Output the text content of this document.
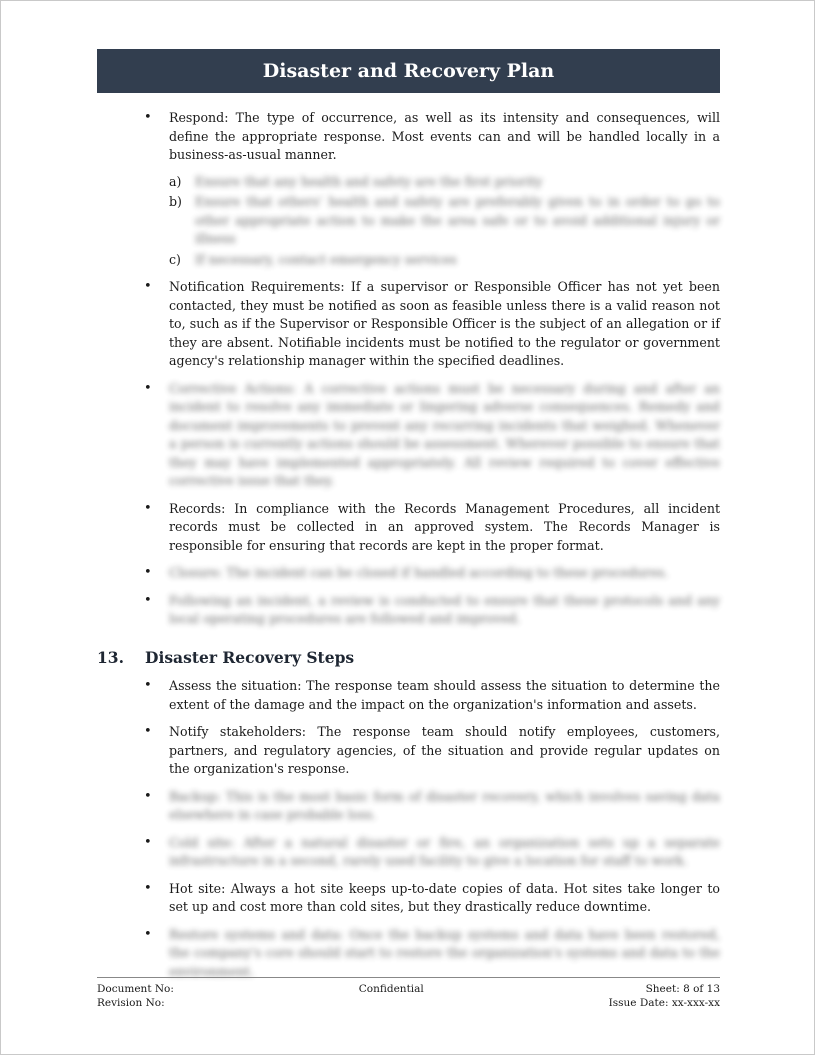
Disaster and Recovery Plan
• Respond: The type of occurrence, as well as its intensity and consequences, will define the appropriate response. Most events can and will be handled locally in a business-as-usual manner.
a) Ensure that any health and safety are the first priority
b) Ensure that others' health and safety are preferably given to in order to go to other appropriate action to make the area safe or to avoid additional injury or illness
c) If necessary, contact emergency services
• Notification Requirements: If a supervisor or Responsible Officer has not yet been contacted, they must be notified as soon as feasible unless there is a valid reason not to, such as if the Supervisor or Responsible Officer is the subject of an allegation or if they are absent. Notifiable incidents must be notified to the regulator or government agency's relationship manager within the specified deadlines.
• Corrective Actions: A corrective actions must be necessary during and after an incident to resolve any immediate or lingering adverse consequences. Remedy and document improvements to prevent any recurring incidents that weighed. Whenever a person is currently actions should be assessment. Wherever possible to ensure that they may have implemented appropriately. All review required to cover effective corrective issue that they.
• Records: In compliance with the Records Management Procedures, all incident records must be collected in an approved system. The Records Manager is responsible for ensuring that records are kept in the proper format.
• Closure: The incident can be closed if handled according to these procedures.
• Following an incident, a review is conducted to ensure that these protocols and any local operating procedures are followed and improved.
13.	Disaster Recovery Steps
• Assess the situation: The response team should assess the situation to determine the extent of the damage and the impact on the organization's information and assets.
• Notify stakeholders: The response team should notify employees, customers, partners, and regulatory agencies, of the situation and provide regular updates on the organization's response.
• Backup: This is the most basic form of disaster recovery, which involves saving data elsewhere in case probable loss.
• Cold site: After a natural disaster or fire, an organization sets up a separate infrastructure in a second, rarely used facility to give a location for staff to work.
• Hot site: Always a hot site keeps up-to-date copies of data. Hot sites take longer to set up and cost more than cold sites, but they drastically reduce downtime.
• Restore systems and data: Once the backup systems and data have been restored, the company's core should start to restore the organization's systems and data to the environment.
Document No:
Revision No:
Confidential	Sheet: 8 of 13
Issue Date: xx-xxx-xx
